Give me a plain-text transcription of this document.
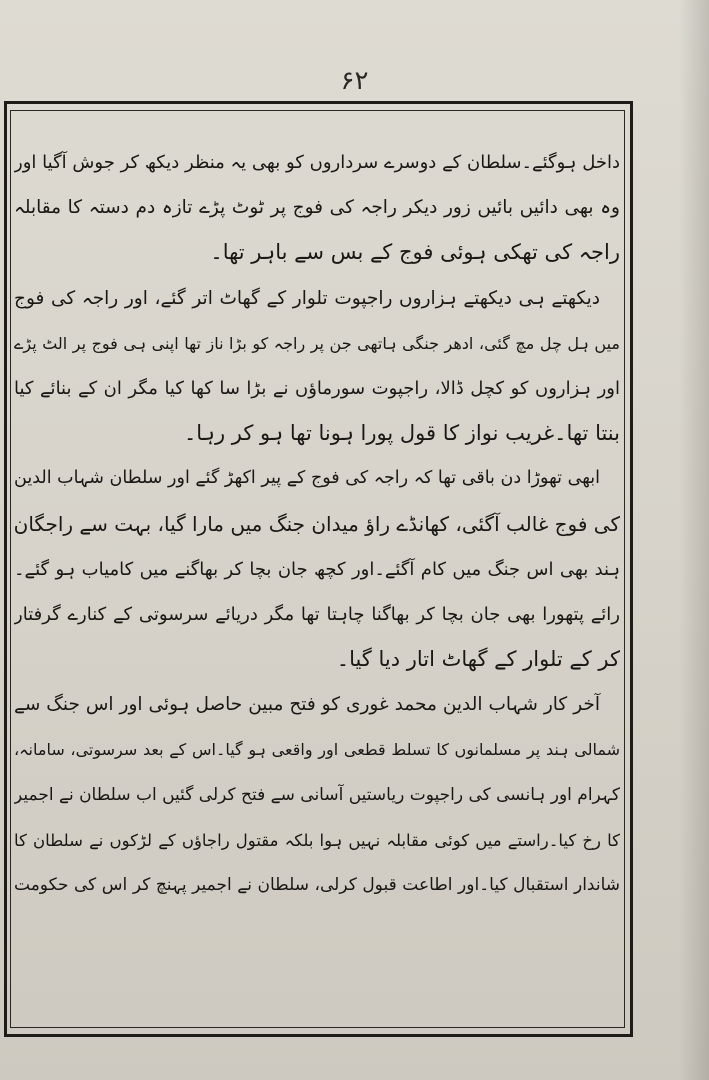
۶۲
داخل ہوگئے۔سلطان کے دوسرے سرداروں کو بھی یہ منظر دیکھ کر جوش آگیا اور
وہ بھی دائیں بائیں زور دیکر راجہ کی فوج پر ٹوٹ پڑے تازہ دم دستہ کا مقابلہ
راجہ کی تھکی ہوئی فوج کے بس سے باہر تھا۔
دیکھتے ہی دیکھتے ہزاروں راجپوت تلوار کے گھاٹ اتر گئے، اور راجہ کی فوج
میں ہل چل مچ گئی، ادھر جنگی ہاتھی جن پر راجہ کو بڑا ناز تھا اپنی ہی فوج پر الٹ پڑے
اور ہزاروں کو کچل ڈالا، راجپوت سورماؤں نے بڑا سا کھا کیا مگر ان کے بنائے کیا
بنتا تھا۔غریب نواز کا قول پورا ہونا تھا ہو کر رہا۔
ابھی تھوڑا دن باقی تھا کہ راجہ کی فوج کے پیر اکھڑ گئے اور سلطان شہاب الدین
کی فوج غالب آگئی، کھانڈے راؤ میدان جنگ میں مارا گیا، بہت سے راجگان
ہند بھی اس جنگ میں کام آگئے۔اور کچھ جان بچا کر بھاگنے میں کامیاب ہو گئے۔
رائے پتھورا بھی جان بچا کر بھاگنا چاہتا تھا مگر دریائے سرسوتی کے کنارے گرفتار
کر کے تلوار کے گھاٹ اتار دیا گیا۔
آخر کار شہاب الدین محمد غوری کو فتح مبین حاصل ہوئی اور اس جنگ سے
شمالی ہند پر مسلمانوں کا تسلط قطعی اور واقعی ہو گیا۔اس کے بعد سرسوتی، سامانہ،
کہرام اور ہانسی کی راجپوت ریاستیں آسانی سے فتح کرلی گئیں اب سلطان نے اجمیر
کا رخ کیا۔راستے میں کوئی مقابلہ نہیں ہوا بلکہ مقتول راجاؤں کے لڑکوں نے سلطان کا
شاندار استقبال کیا۔اور اطاعت قبول کرلی، سلطان نے اجمیر پہنچ کر اس کی حکومت
